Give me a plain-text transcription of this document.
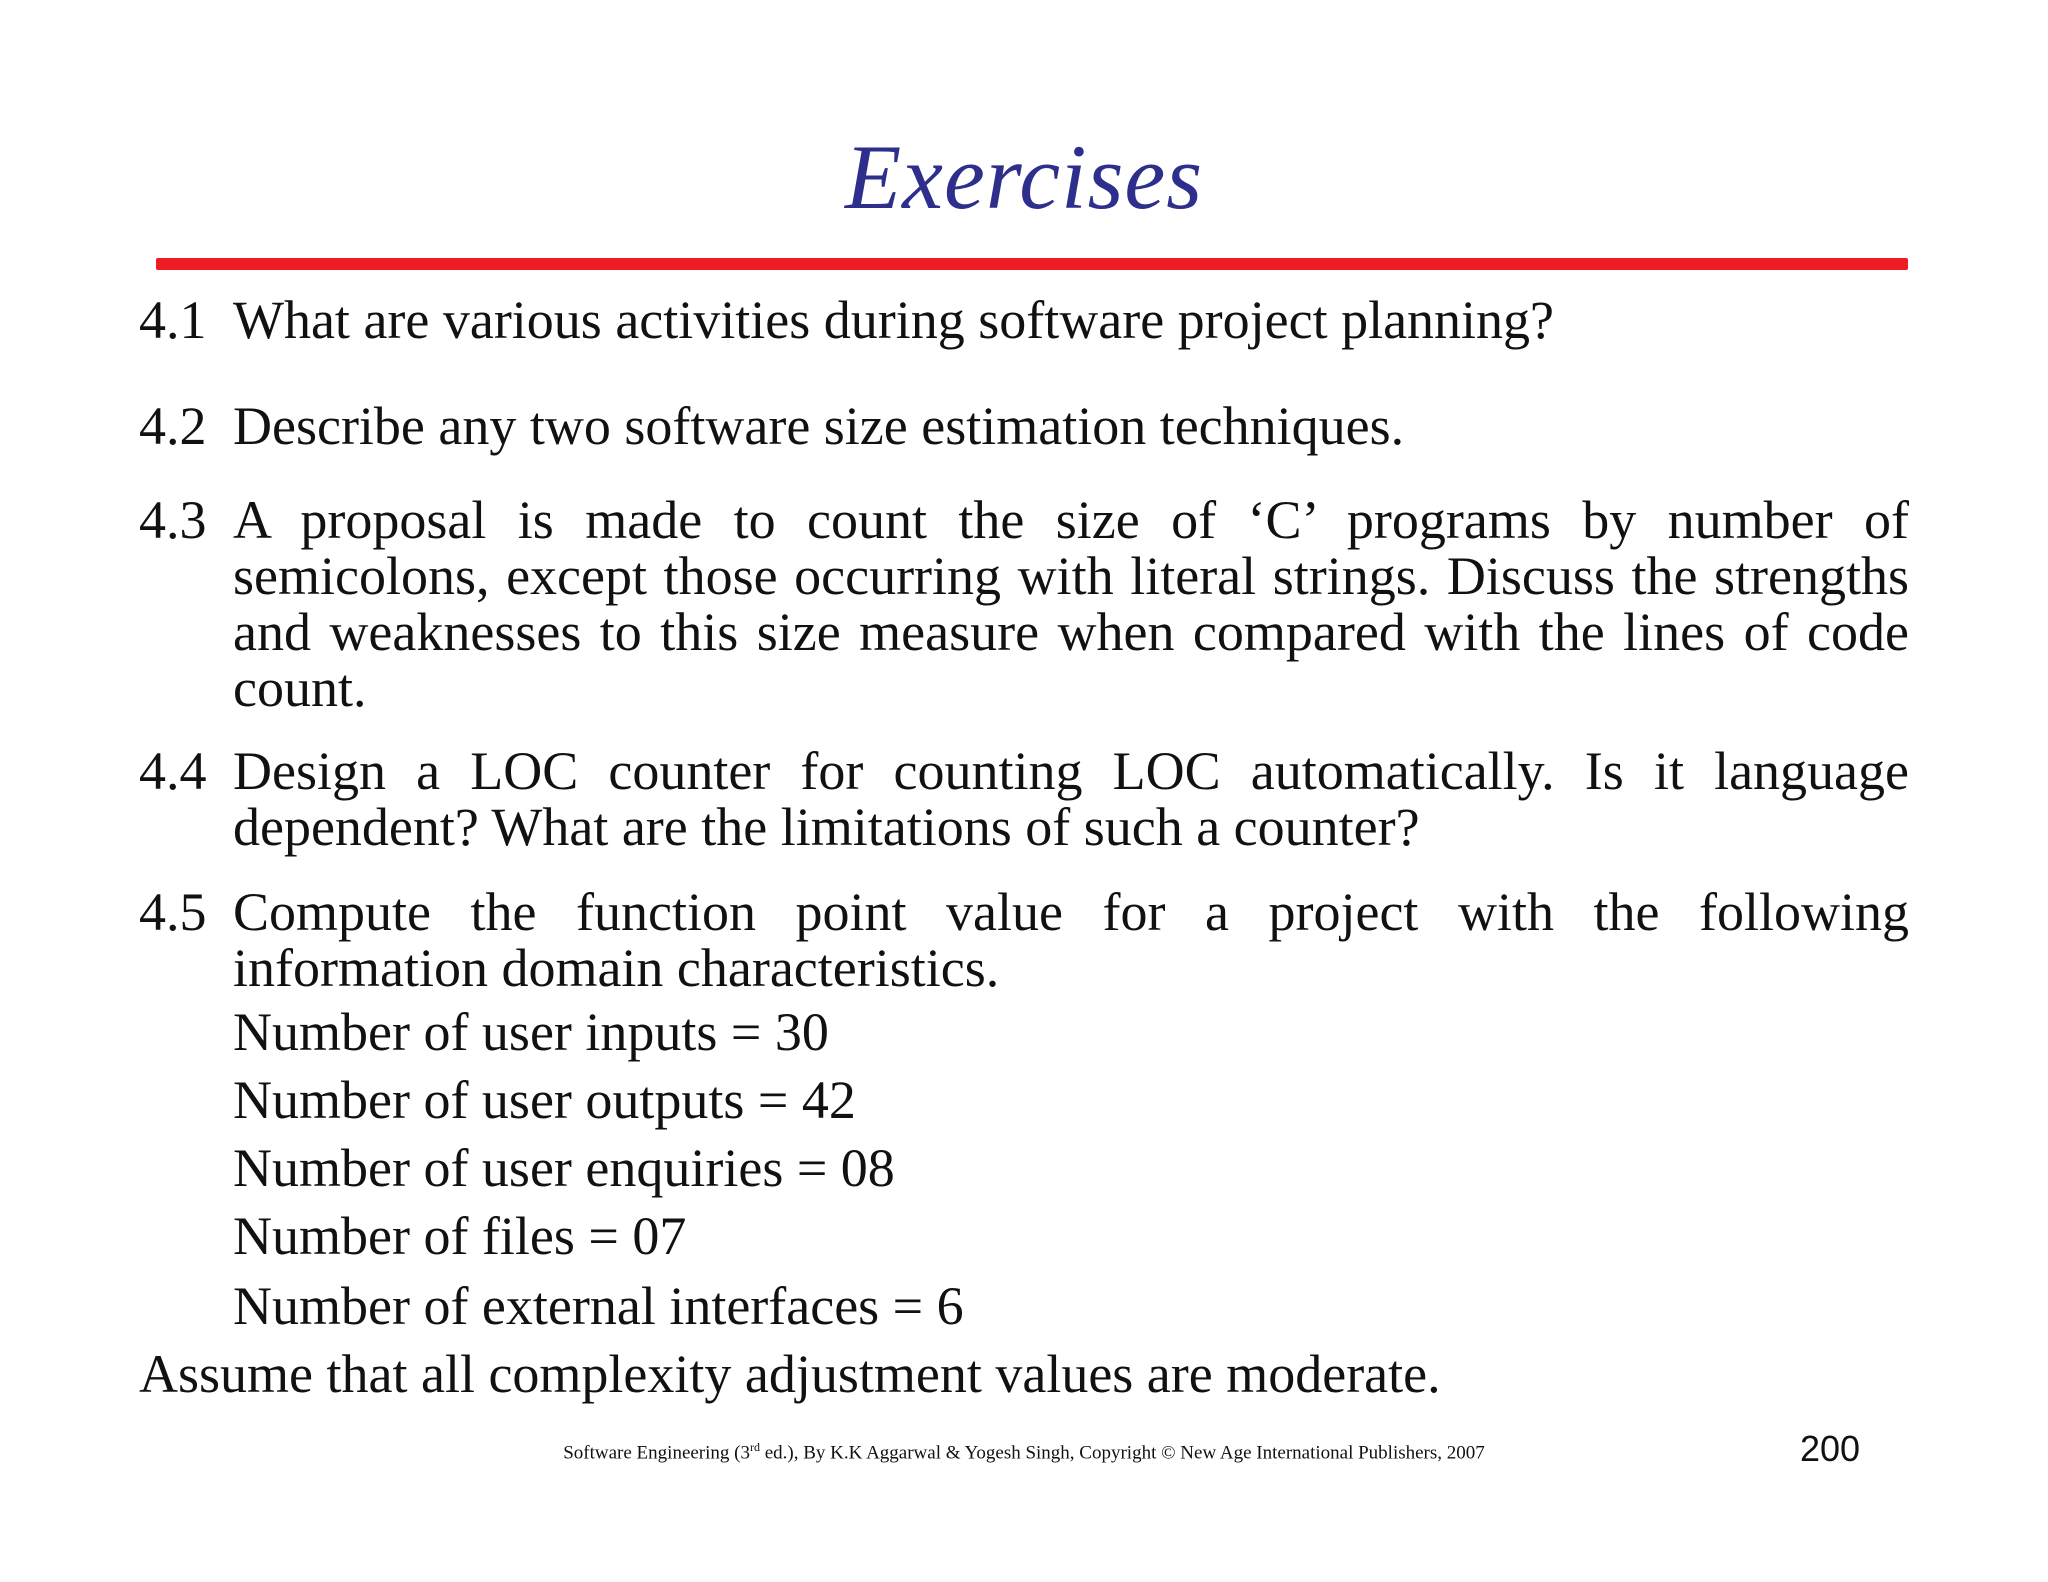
Exercises
4.1 What are various activities during software project planning?
4.2 Describe any two software size estimation techniques.
4.3 A proposal is made to count the size of ‘C’ programs by number of semicolons, except those occurring with literal strings. Discuss the strengths and weaknesses to this size measure when compared with the lines of code count.
4.4 Design a LOC counter for counting LOC automatically. Is it language dependent? What are the limitations of such a counter?
4.5 Compute the function point value for a project with the following information domain characteristics.
Number of user inputs = 30
Number of user outputs = 42
Number of user enquiries = 08
Number of files = 07
Number of external interfaces = 6
Assume that all complexity adjustment values are moderate.
Software Engineering (3rd ed.), By K.K Aggarwal & Yogesh Singh, Copyright © New Age International Publishers, 2007	200
